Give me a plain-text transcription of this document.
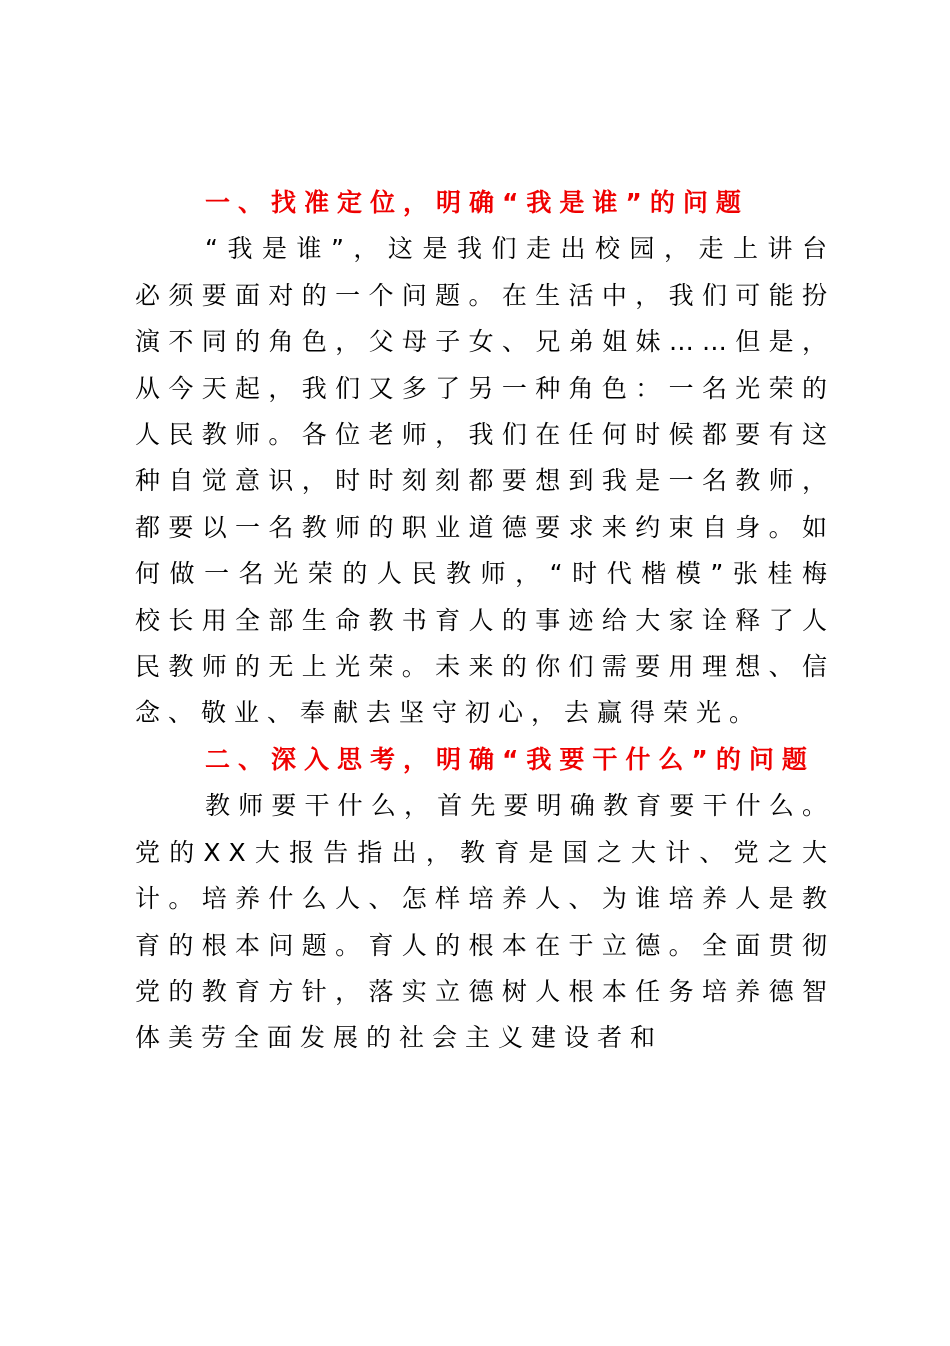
一、找准定位，明确“我是谁”的问题

“我是谁”，这是我们走出校园，走上讲台必须要面对的一个问题。在生活中，我们可能扮演不同的角色，父母子女、兄弟姐妹……但是，从今天起，我们又多了另一种角色：一名光荣的人民教师。各位老师，我们在任何时候都要有这种自觉意识，时时刻刻都要想到我是一名教师，都要以一名教师的职业道德要求来约束自身。如何做一名光荣的人民教师，“时代楷模”张桂梅校长用全部生命教书育人的事迹给大家诠释了人民教师的无上光荣。未来的你们需要用理想、信念、敬业、奉献去坚守初心，去赢得荣光。

二、深入思考，明确“我要干什么”的问题

教师要干什么，首先要明确教育要干什么。党的XX大报告指出，教育是国之大计、党之大计。培养什么人、怎样培养人、为谁培养人是教育的根本问题。育人的根本在于立德。全面贯彻党的教育方针，落实立德树人根本任务培养德智体美劳全面发展的社会主义建设者和
